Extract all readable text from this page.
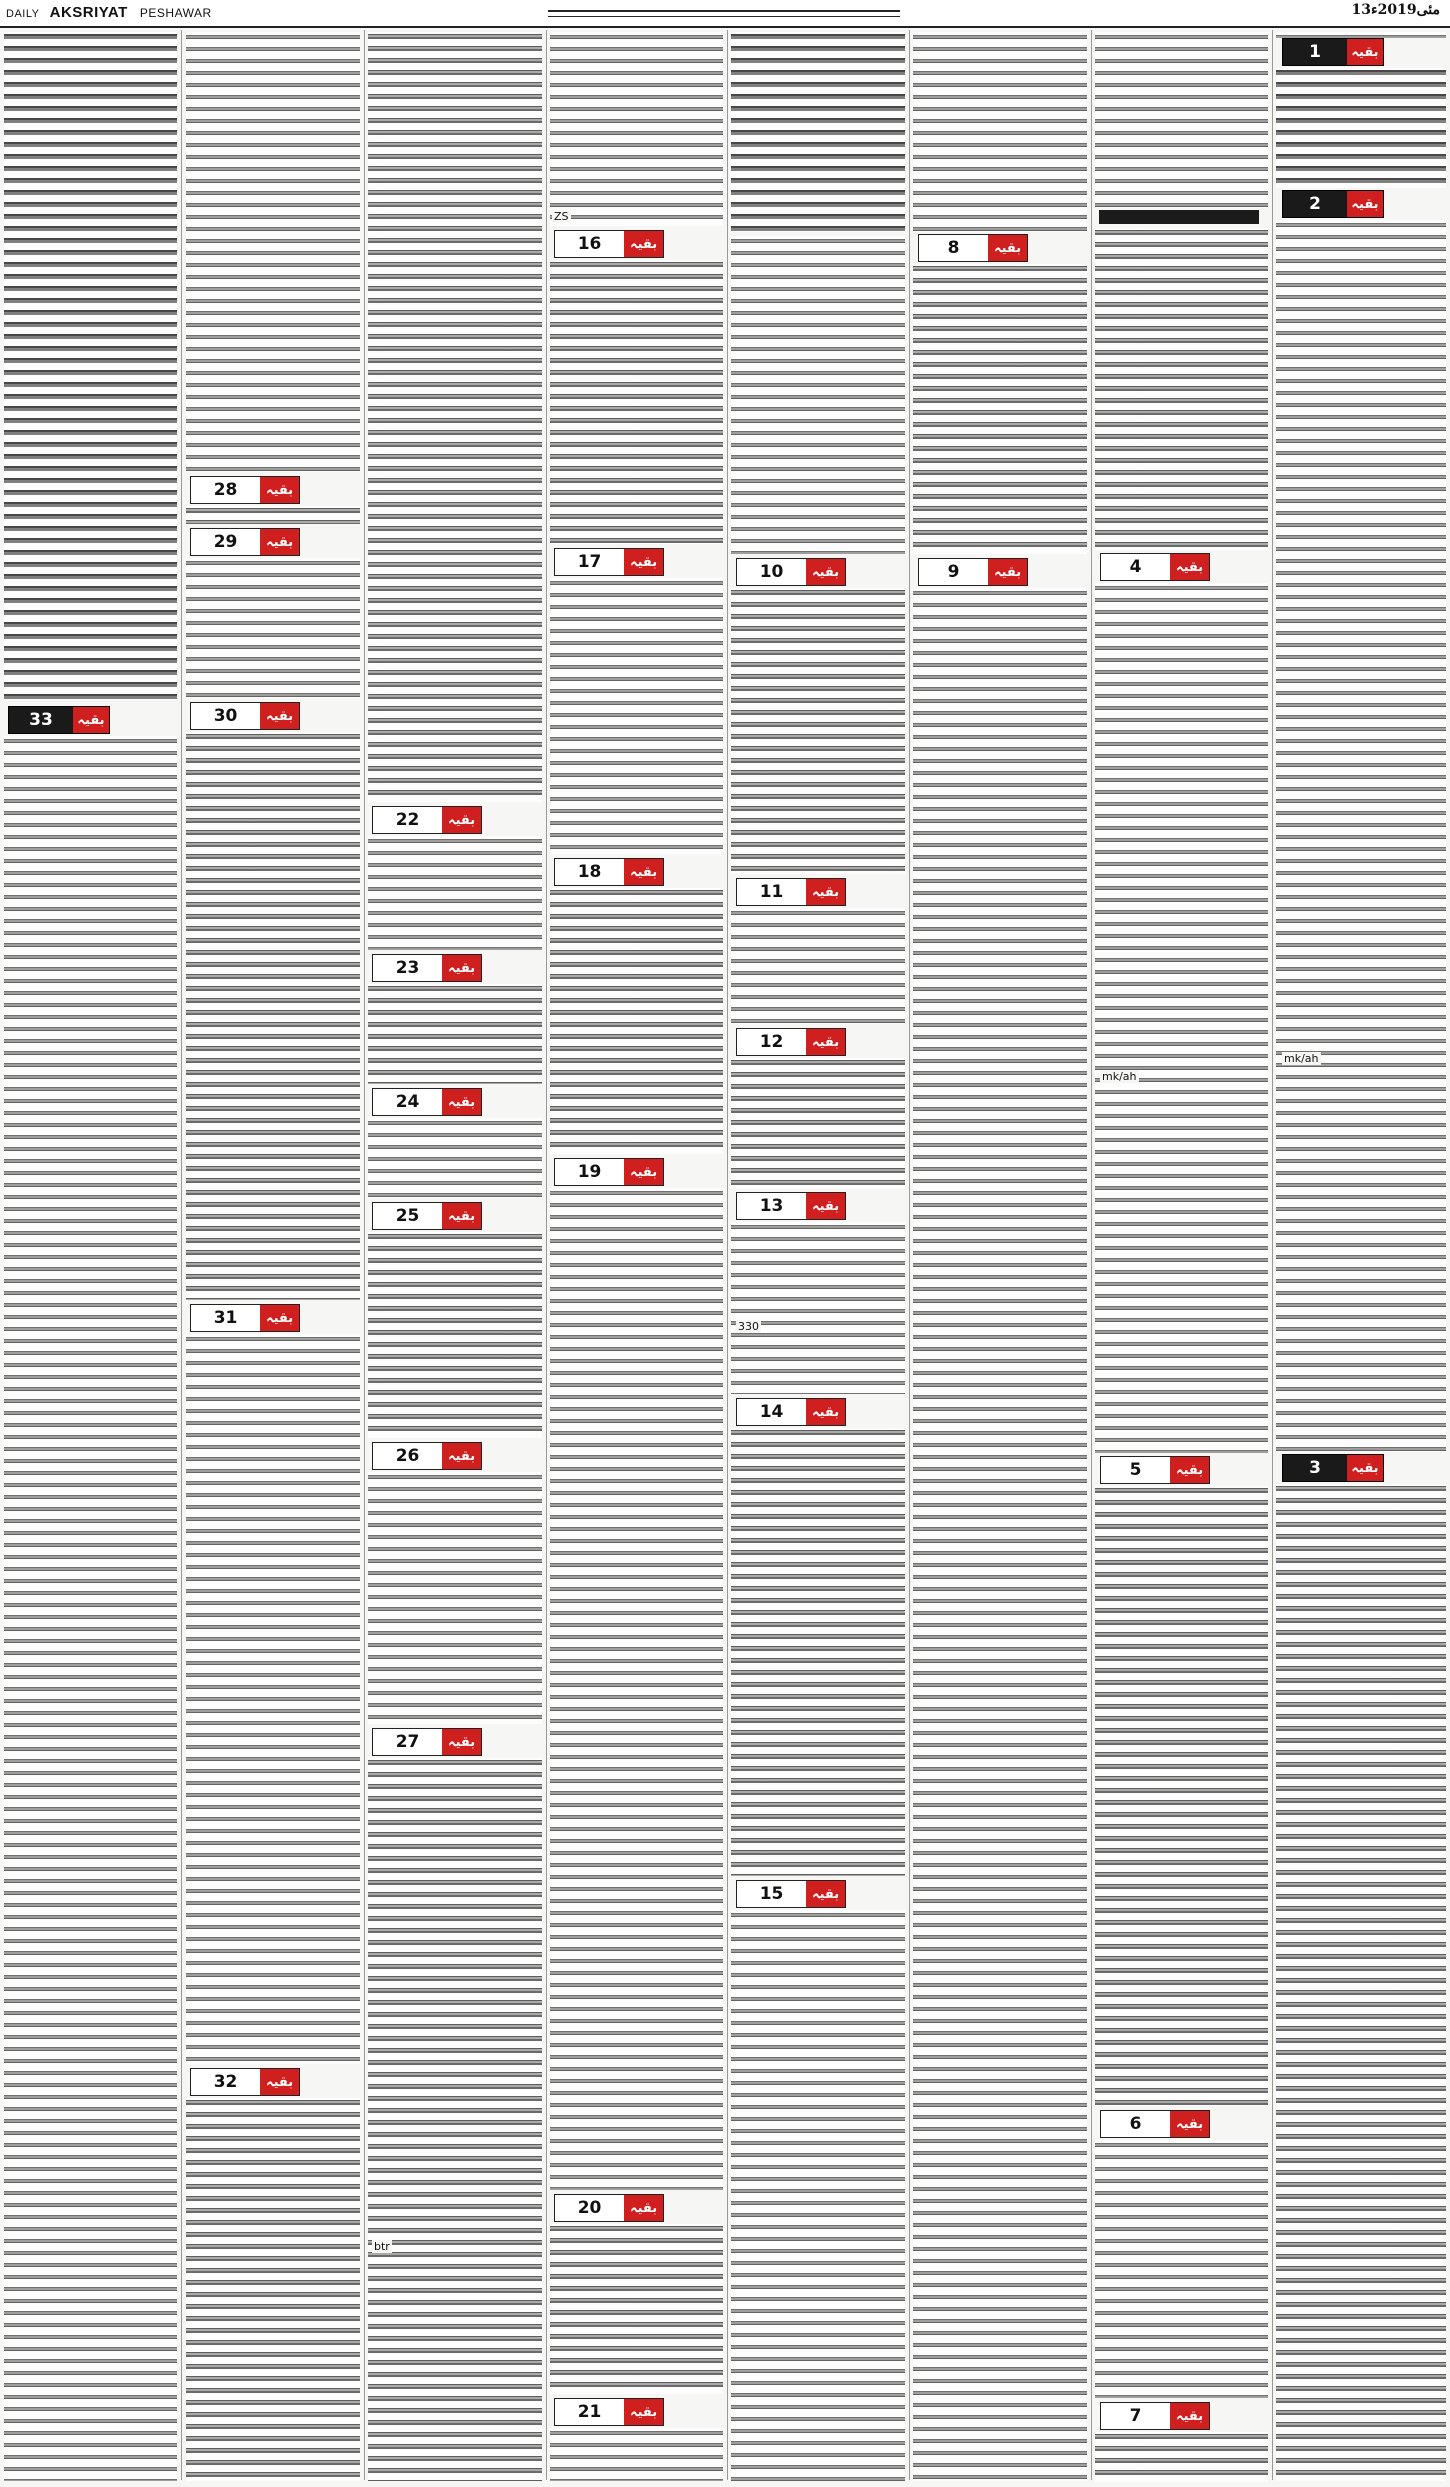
DAILY AKSRIYAT PESHAWAR	13مئی2019ء
1	بقیہ
2	بقیہ
mk/ah
3	بقیہ
4	بقیہ
mk/ah
5	بقیہ
6	بقیہ
7	بقیہ
8	بقیہ
9	بقیہ
10	بقیہ
11	بقیہ
12	بقیہ
13	بقیہ
330
14	بقیہ
15	بقیہ
ZS
16	بقیہ
17	بقیہ
18	بقیہ
19	بقیہ
20	بقیہ
21	بقیہ
22	بقیہ
23	بقیہ
24	بقیہ
25	بقیہ
26	بقیہ
27	بقیہ
btr
28	بقیہ
29	بقیہ
30	بقیہ
31	بقیہ
32	بقیہ
33	بقیہ
